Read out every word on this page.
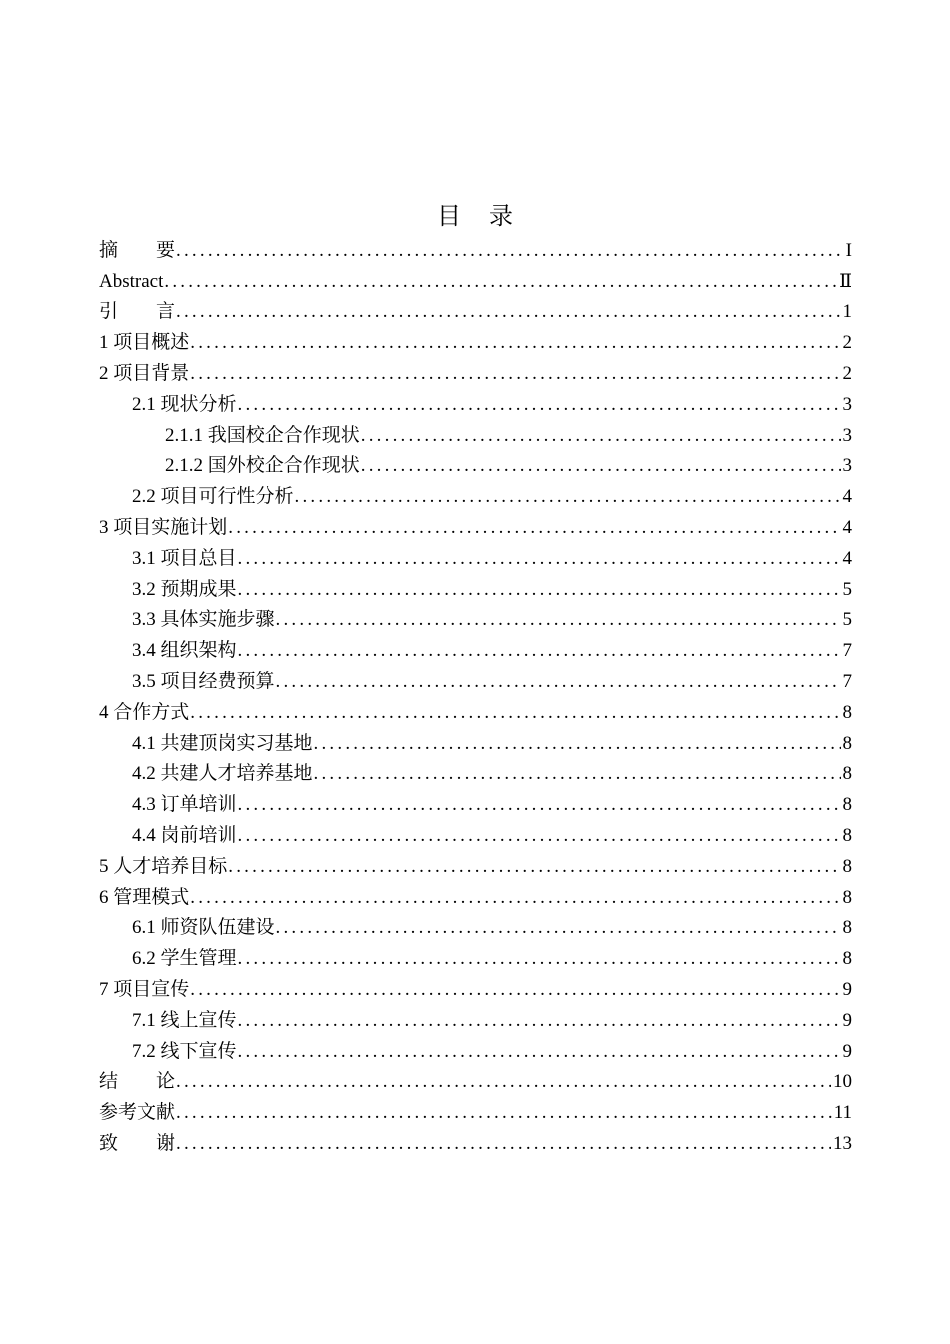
目 录
摘　　要 .....	I
Abstract .....	Ⅱ
引　　言 .....	1
1 项目概述 .....	2
2 项目背景 .....	2
2.1 现状分析 .....	3
2.1.1 我国校企合作现状 .....	3
2.1.2 国外校企合作现状 .....	3
2.2 项目可行性分析 .....	4
3 项目实施计划 .....	4
3.1 项目总目 .....	4
3.2 预期成果 .....	5
3.3 具体实施步骤 .....	5
3.4 组织架构 .....	7
3.5 项目经费预算 .....	7
4 合作方式 .....	8
4.1 共建顶岗实习基地 .....	8
4.2 共建人才培养基地 .....	8
4.3 订单培训 .....	8
4.4 岗前培训 .....	8
5 人才培养目标 .....	8
6 管理模式 .....	8
6.1 师资队伍建设 .....	8
6.2 学生管理 .....	8
7 项目宣传 .....	9
7.1 线上宣传 .....	9
7.2 线下宣传 .....	9
结　　论 .....	10
参考文献 .....	11
致　　谢 .....	13
